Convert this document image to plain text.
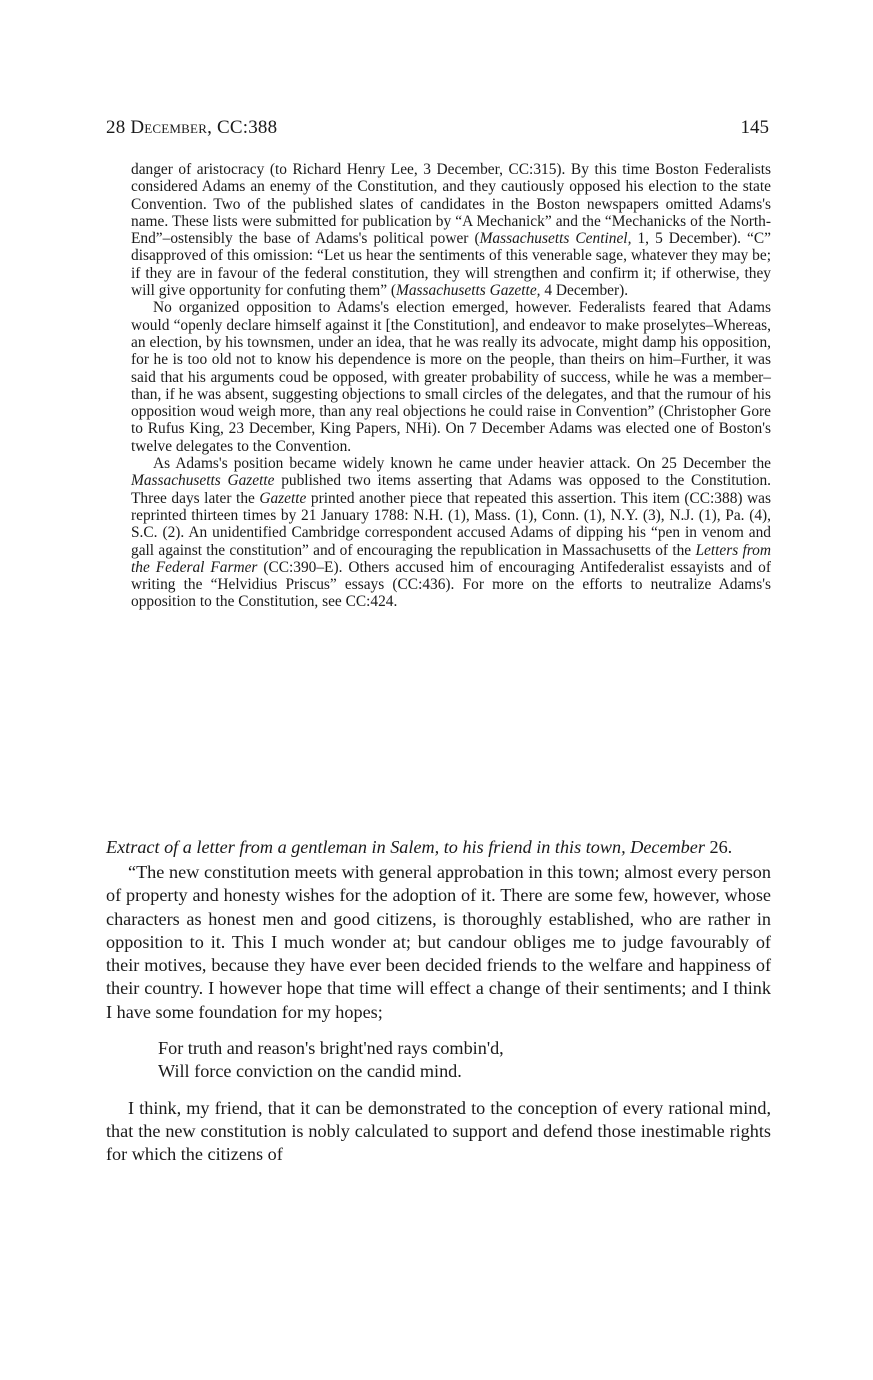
28 December, CC:388	145

danger of aristocracy (to Richard Henry Lee, 3 December, CC:315). By this time Boston Federalists considered Adams an enemy of the Constitution, and they cautiously opposed his election to the state Convention. Two of the published slates of candidates in the Boston newspapers omitted Adams's name. These lists were submitted for publication by “A Mechanick” and the “Mechanicks of the North-End”–ostensibly the base of Adams's political power (Massachusetts Centinel, 1, 5 December). “C” disapproved of this omission: “Let us hear the sentiments of this venerable sage, whatever they may be; if they are in favour of the federal constitution, they will strengthen and confirm it; if otherwise, they will give opportunity for confuting them” (Massachusetts Gazette, 4 December).

No organized opposition to Adams's election emerged, however. Federalists feared that Adams would “openly declare himself against it [the Constitution], and endeavor to make proselytes–Whereas, an election, by his townsmen, under an idea, that he was really its advocate, might damp his opposition, for he is too old not to know his dependence is more on the people, than theirs on him–Further, it was said that his arguments coud be opposed, with greater probability of success, while he was a member–than, if he was absent, suggesting objections to small circles of the delegates, and that the rumour of his opposition woud weigh more, than any real objections he could raise in Convention” (Christopher Gore to Rufus King, 23 December, King Papers, NHi). On 7 December Adams was elected one of Boston's twelve delegates to the Convention.

As Adams's position became widely known he came under heavier attack. On 25 December the Massachusetts Gazette published two items asserting that Adams was opposed to the Constitution. Three days later the Gazette printed another piece that repeated this assertion. This item (CC:388) was reprinted thirteen times by 21 January 1788: N.H. (1), Mass. (1), Conn. (1), N.Y. (3), N.J. (1), Pa. (4), S.C. (2). An unidentified Cambridge correspondent accused Adams of dipping his “pen in venom and gall against the constitution” and of encouraging the republication in Massachusetts of the Letters from the Federal Farmer (CC:390–E). Others accused him of encouraging Antifederalist essayists and of writing the “Helvidius Priscus” essays (CC:436). For more on the efforts to neutralize Adams's opposition to the Constitution, see CC:424.

Extract of a letter from a gentleman in Salem, to his friend in this town, December 26.

“The new constitution meets with general approbation in this town; almost every person of property and honesty wishes for the adoption of it. There are some few, however, whose characters as honest men and good citizens, is thoroughly established, who are rather in opposition to it. This I much wonder at; but candour obliges me to judge favourably of their motives, because they have ever been decided friends to the welfare and happiness of their country. I however hope that time will effect a change of their sentiments; and I think I have some foundation for my hopes;

For truth and reason's bright'ned rays combin'd,
Will force conviction on the candid mind.

I think, my friend, that it can be demonstrated to the conception of every rational mind, that the new constitution is nobly calculated to support and defend those inestimable rights for which the citizens of
